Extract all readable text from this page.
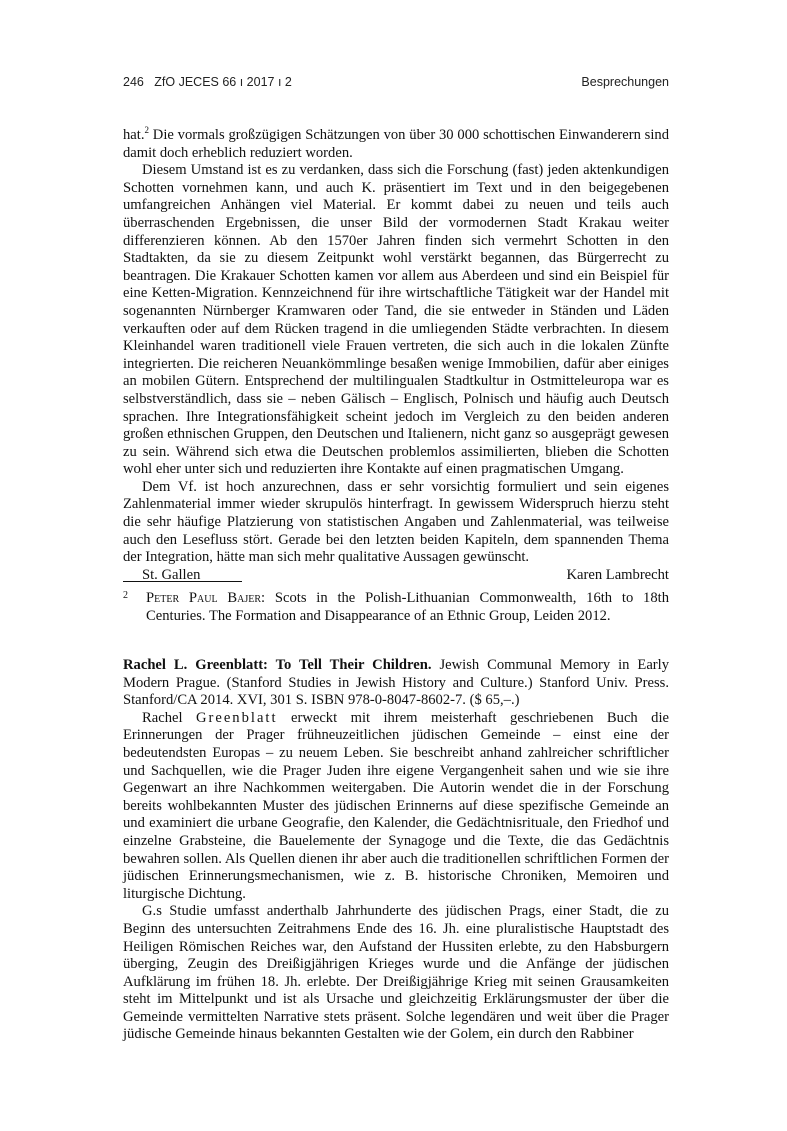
246 ZfO JECES 66 ı 2017 ı 2	Besprechungen

hat.$^2$ Die vormals großzügigen Schätzungen von über 30 000 schottischen Einwanderern sind damit doch erheblich reduziert worden.

Diesem Umstand ist es zu verdanken, dass sich die Forschung (fast) jeden aktenkundigen Schotten vornehmen kann, und auch K. präsentiert im Text und in den beigegebenen umfangreichen Anhängen viel Material. Er kommt dabei zu neuen und teils auch überraschenden Ergebnissen, die unser Bild der vormodernen Stadt Krakau weiter differenzieren können. Ab den 1570er Jahren finden sich vermehrt Schotten in den Stadtakten, da sie zu diesem Zeitpunkt wohl verstärkt begannen, das Bürgerrecht zu beantragen. Die Krakauer Schotten kamen vor allem aus Aberdeen und sind ein Beispiel für eine Ketten-Migration. Kennzeichnend für ihre wirtschaftliche Tätigkeit war der Handel mit sogenannten Nürnberger Kramwaren oder Tand, die sie entweder in Ständen und Läden verkauften oder auf dem Rücken tragend in die umliegenden Städte verbrachten. In diesem Kleinhandel waren traditionell viele Frauen vertreten, die sich auch in die lokalen Zünfte integrierten. Die reicheren Neuankömmlinge besaßen wenige Immobilien, dafür aber einiges an mobilen Gütern. Entsprechend der multilingualen Stadtkultur in Ostmitteleuropa war es selbstverständlich, dass sie – neben Gälisch – Englisch, Polnisch und häufig auch Deutsch sprachen. Ihre Integrationsfähigkeit scheint jedoch im Vergleich zu den beiden anderen großen ethnischen Gruppen, den Deutschen und Italienern, nicht ganz so ausgeprägt gewesen zu sein. Während sich etwa die Deutschen problemlos assimilierten, blieben die Schotten wohl eher unter sich und reduzierten ihre Kontakte auf einen pragmatischen Umgang.

Dem Vf. ist hoch anzurechnen, dass er sehr vorsichtig formuliert und sein eigenes Zahlenmaterial immer wieder skrupulös hinterfragt. In gewissem Widerspruch hierzu steht die sehr häufige Platzierung von statistischen Angaben und Zahlenmaterial, was teilweise auch den Lesefluss stört. Gerade bei den letzten beiden Kapiteln, dem spannenden Thema der Integration, hätte man sich mehr qualitative Aussagen gewünscht.

St. Gallen	Karen Lambrecht
2 Peter Paul Bajer: Scots in the Polish-Lithuanian Commonwealth, 16th to 18th Centuries. The Formation and Disappearance of an Ethnic Group, Leiden 2012.

Rachel L. Greenblatt: To Tell Their Children. Jewish Communal Memory in Early Modern Prague. (Stanford Studies in Jewish History and Culture.) Stanford Univ. Press. Stanford/CA 2014. XVI, 301 S. ISBN 978-0-8047-8602-7. ($ 65,–.)

Rachel Greenblatt erweckt mit ihrem meisterhaft geschriebenen Buch die Erinnerungen der Prager frühneuzeitlichen jüdischen Gemeinde – einst eine der bedeutendsten Europas – zu neuem Leben. Sie beschreibt anhand zahlreicher schriftlicher und Sachquellen, wie die Prager Juden ihre eigene Vergangenheit sahen und wie sie ihre Gegenwart an ihre Nachkommen weitergaben. Die Autorin wendet die in der Forschung bereits wohlbekannten Muster des jüdischen Erinnerns auf diese spezifische Gemeinde an und examiniert die urbane Geografie, den Kalender, die Gedächtnisrituale, den Friedhof und einzelne Grabsteine, die Bauelemente der Synagoge und die Texte, die das Gedächtnis bewahren sollen. Als Quellen dienen ihr aber auch die traditionellen schriftlichen Formen der jüdischen Erinnerungsmechanismen, wie z. B. historische Chroniken, Memoiren und liturgische Dichtung.

G.s Studie umfasst anderthalb Jahrhunderte des jüdischen Prags, einer Stadt, die zu Beginn des untersuchten Zeitrahmens Ende des 16. Jh. eine pluralistische Hauptstadt des Heiligen Römischen Reiches war, den Aufstand der Hussiten erlebte, zu den Habsburgern überging, Zeugin des Dreißigjährigen Krieges wurde und die Anfänge der jüdischen Aufklärung im frühen 18. Jh. erlebte. Der Dreißigjährige Krieg mit seinen Grausamkeiten steht im Mittelpunkt und ist als Ursache und gleichzeitig Erklärungsmuster der über die Gemeinde vermittelten Narrative stets präsent. Solche legendären und weit über die Prager jüdische Gemeinde hinaus bekannten Gestalten wie der Golem, ein durch den Rabbiner
